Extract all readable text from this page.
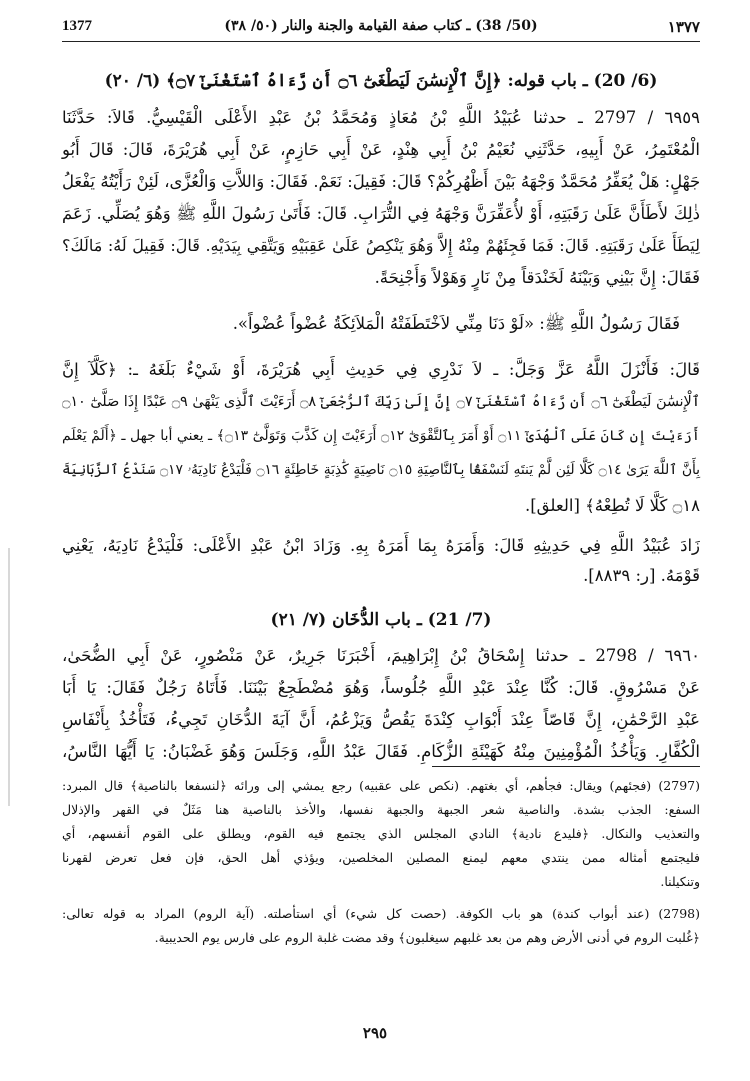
1377	(50/ 38) ـ كتاب صفة القيامة والجنة والنار (٥٠/ ٣٨)	١٣٧٧
(6/ 20) ـ باب قوله: ﴿إِنَّ ٱلْإِنسَٰنَ لَيَطْغَىٰٓ ۝٦ أَن رَّءَاهُ ٱسْتَغْنَىٰٓ ۝٧﴾ (٦/ ٢٠)
٦٩٥٩ / 2797 ـ حدثنا عُبَيْدُ اللَّهِ بْنُ مُعَاذٍ وَمُحَمَّدُ بْنُ عَبْدِ الأَعْلَى الْقَيْسِيُّ. قَالاَ: حَدَّثَنَا
الْمُعْتَمِرُ، عَنْ أَبِيهِ، حَدَّثَنِي نُعَيْمُ بْنُ أَبِي هِنْدٍ، عَنْ أَبِي حَازِمٍ، عَنْ أَبِي هُرَيْرَةَ، قَالَ: قَالَ أَبُو
جَهْلٍ: هَلْ يُعَفِّرُ مُحَمَّدٌ وَجْهَهُ بَيْنَ أَظْهُرِكُمْ؟ قَالَ: فَقِيلَ: نَعَمْ. فَقَالَ: وَاللاَّتِ وَالْعُزَّى، لَئِنْ رَأَيْتُهُ يَفْعَلُ
ذٰلِكَ لأَطَأَنَّ عَلَىٰ رَقَبَتِهِ، أَوْ لأُعَفِّرَنَّ وَجْهَهُ فِي التُّرَابِ. قَالَ: فَأَتَىٰ رَسُولَ اللَّهِ ﷺ وَهُوَ يُصَلِّي. زَعَمَ
لِيَطَأَ عَلَىٰ رَقَبَتِهِ. قَالَ: فَمَا فَجِئَهُمْ مِنْهُ إِلاَّ وَهُوَ يَنْكِصُ عَلَىٰ عَقِبَيْهِ وَيَتَّقِي بِيَدَيْهِ. قَالَ: فَقِيلَ لَهُ: مَالَكَ؟
فَقَالَ: إِنَّ بَيْنِي وَبَيْنَهُ لَخَنْدَقاً مِنْ نَارٍ وَهَوْلاً وَأَجْنِحَةً.
فَقَالَ رَسُولُ اللَّهِ ﷺ: «لَوْ دَنَا مِنِّي لاَخْتَطَفَتْهُ الْمَلاَئِكَةُ عُضْواً عُضْواً».
قَالَ: فَأَنْزَلَ اللَّهُ عَزَّ وَجَلَّ: ـ لاَ نَدْرِي فِي حَدِيثِ أَبِي هُرَيْرَةَ، أَوْ شَيْءٌ بَلَغَهُ ـ: ﴿كَلَّآ إِنَّ
ٱلْإِنسَٰنَ لَيَطْغَىٰٓ ۝٦ أَن رَّءَاهُ ٱسْتَغْنَىٰٓ ۝٧ إِنَّ إِلَىٰ رَبِّكَ ٱلرُّجْعَىٰٓ ۝٨ أَرَءَيْتَ ٱلَّذِى يَنْهَىٰ ۝٩ عَبْدًا إِذَا صَلَّىٰٓ ۝١٠
أَرَءَيْتَ إِن كَانَ عَلَى ٱلْهُدَىٰٓ ۝١١ أَوْ أَمَرَ بِٱلتَّقْوَىٰٓ ۝١٢ أَرَءَيْتَ إِن كَذَّبَ وَتَوَلَّىٰٓ ۝١٣﴾ ـ يعني أبا جهل ـ ﴿أَلَمْ يَعْلَم
بِأَنَّ ٱللَّهَ يَرَىٰ ۝١٤ كَلَّا لَئِن لَّمْ يَنتَهِ لَنَسْفَعًۢا بِٱلنَّاصِيَةِ ۝١٥ نَاصِيَةٍ كَٰذِبَةٍ خَاطِئَةٍ ۝١٦ فَلْيَدْعُ نَادِيَهُۥ ۝١٧ سَنَدْعُ ٱلزَّبَانِيَةَ
۝١٨ كَلَّا لَا تُطِعْهُ﴾ [العلق].
زَادَ عُبَيْدُ اللَّهِ فِي حَدِيثِهِ قَالَ: وَأَمَرَهُ بِمَا أَمَرَهُ بِهِ. وَزَادَ ابْنُ عَبْدِ الأَعْلَى: فَلْيَدْعُ نَادِيَهُ، يَعْنِي
قَوْمَهُ. [ر: ٨٨٣٩].
(7/ 21) ـ باب الدُّخَان (٧/ ٢١)
٦٩٦٠ / 2798 ـ حدثنا إِسْحَاقُ بْنُ إِبْرَاهِيمَ، أَخْبَرَنَا جَرِيرٌ، عَنْ مَنْصُورٍ، عَنْ أَبِي الضُّحَىٰ،
عَنْ مَسْرُوقٍ. قَالَ: كُنَّا عِنْدَ عَبْدِ اللَّهِ جُلُوساً، وَهُوَ مُضْطَجِعٌ بَيْنَنَا. فَأَتَاهُ رَجُلٌ فَقَالَ: يَا أَبَا
عَبْدِ الرَّحْمَٰنِ، إِنَّ قَاصّاً عِنْدَ أَبْوَابِ كِنْدَةَ يَقُصُّ وَيَزْعُمُ، أَنَّ آيَةَ الدُّخَانِ تَجِيءُ، فَتَأْخُذُ بِأَنْفَاسِ
الْكُفَّارِ. وَيَأْخُذُ الْمُؤْمِنِينَ مِنْهُ كَهَيْئَةِ الزُّكَامِ. فَقَالَ عَبْدُ اللَّهِ، وَجَلَسَ وَهُوَ غَضْبَانُ: يَا أَيُّهَا النَّاسُ،
(2797) (فجئهم) ويقال: فجأهم، أي بغتهم. (نكص على عقبيه) رجع يمشي إلى ورائه ﴿لنسفعا بالناصية﴾ قال المبرد:
السفع: الجذب بشدة. والناصية شعر الجبهة والجبهة نفسها، والأخذ بالناصية هنا مَثَلٌ في القهر والإذلال
والتعذيب والنكال. ﴿فليدع نادية﴾ النادي المجلس الذي يجتمع فيه القوم، ويطلق على القوم أنفسهم، أي
فليجتمع أمثاله ممن ينتدي معهم ليمنع المصلين المخلصين، ويؤذي أهل الحق، فإن فعل تعرض لقهرنا
وتنكيلنا.
(2798) (عند أبواب كندة) هو باب الكوفة. (حصت كل شيء) أي استأصلته. (آية الروم) المراد به قوله تعالى:
﴿غُلبت الروم في أدنى الأرض وهم من بعد غلبهم سيغلبون﴾ وقد مضت غلبة الروم على فارس يوم الحديبية.
٢٩٥
